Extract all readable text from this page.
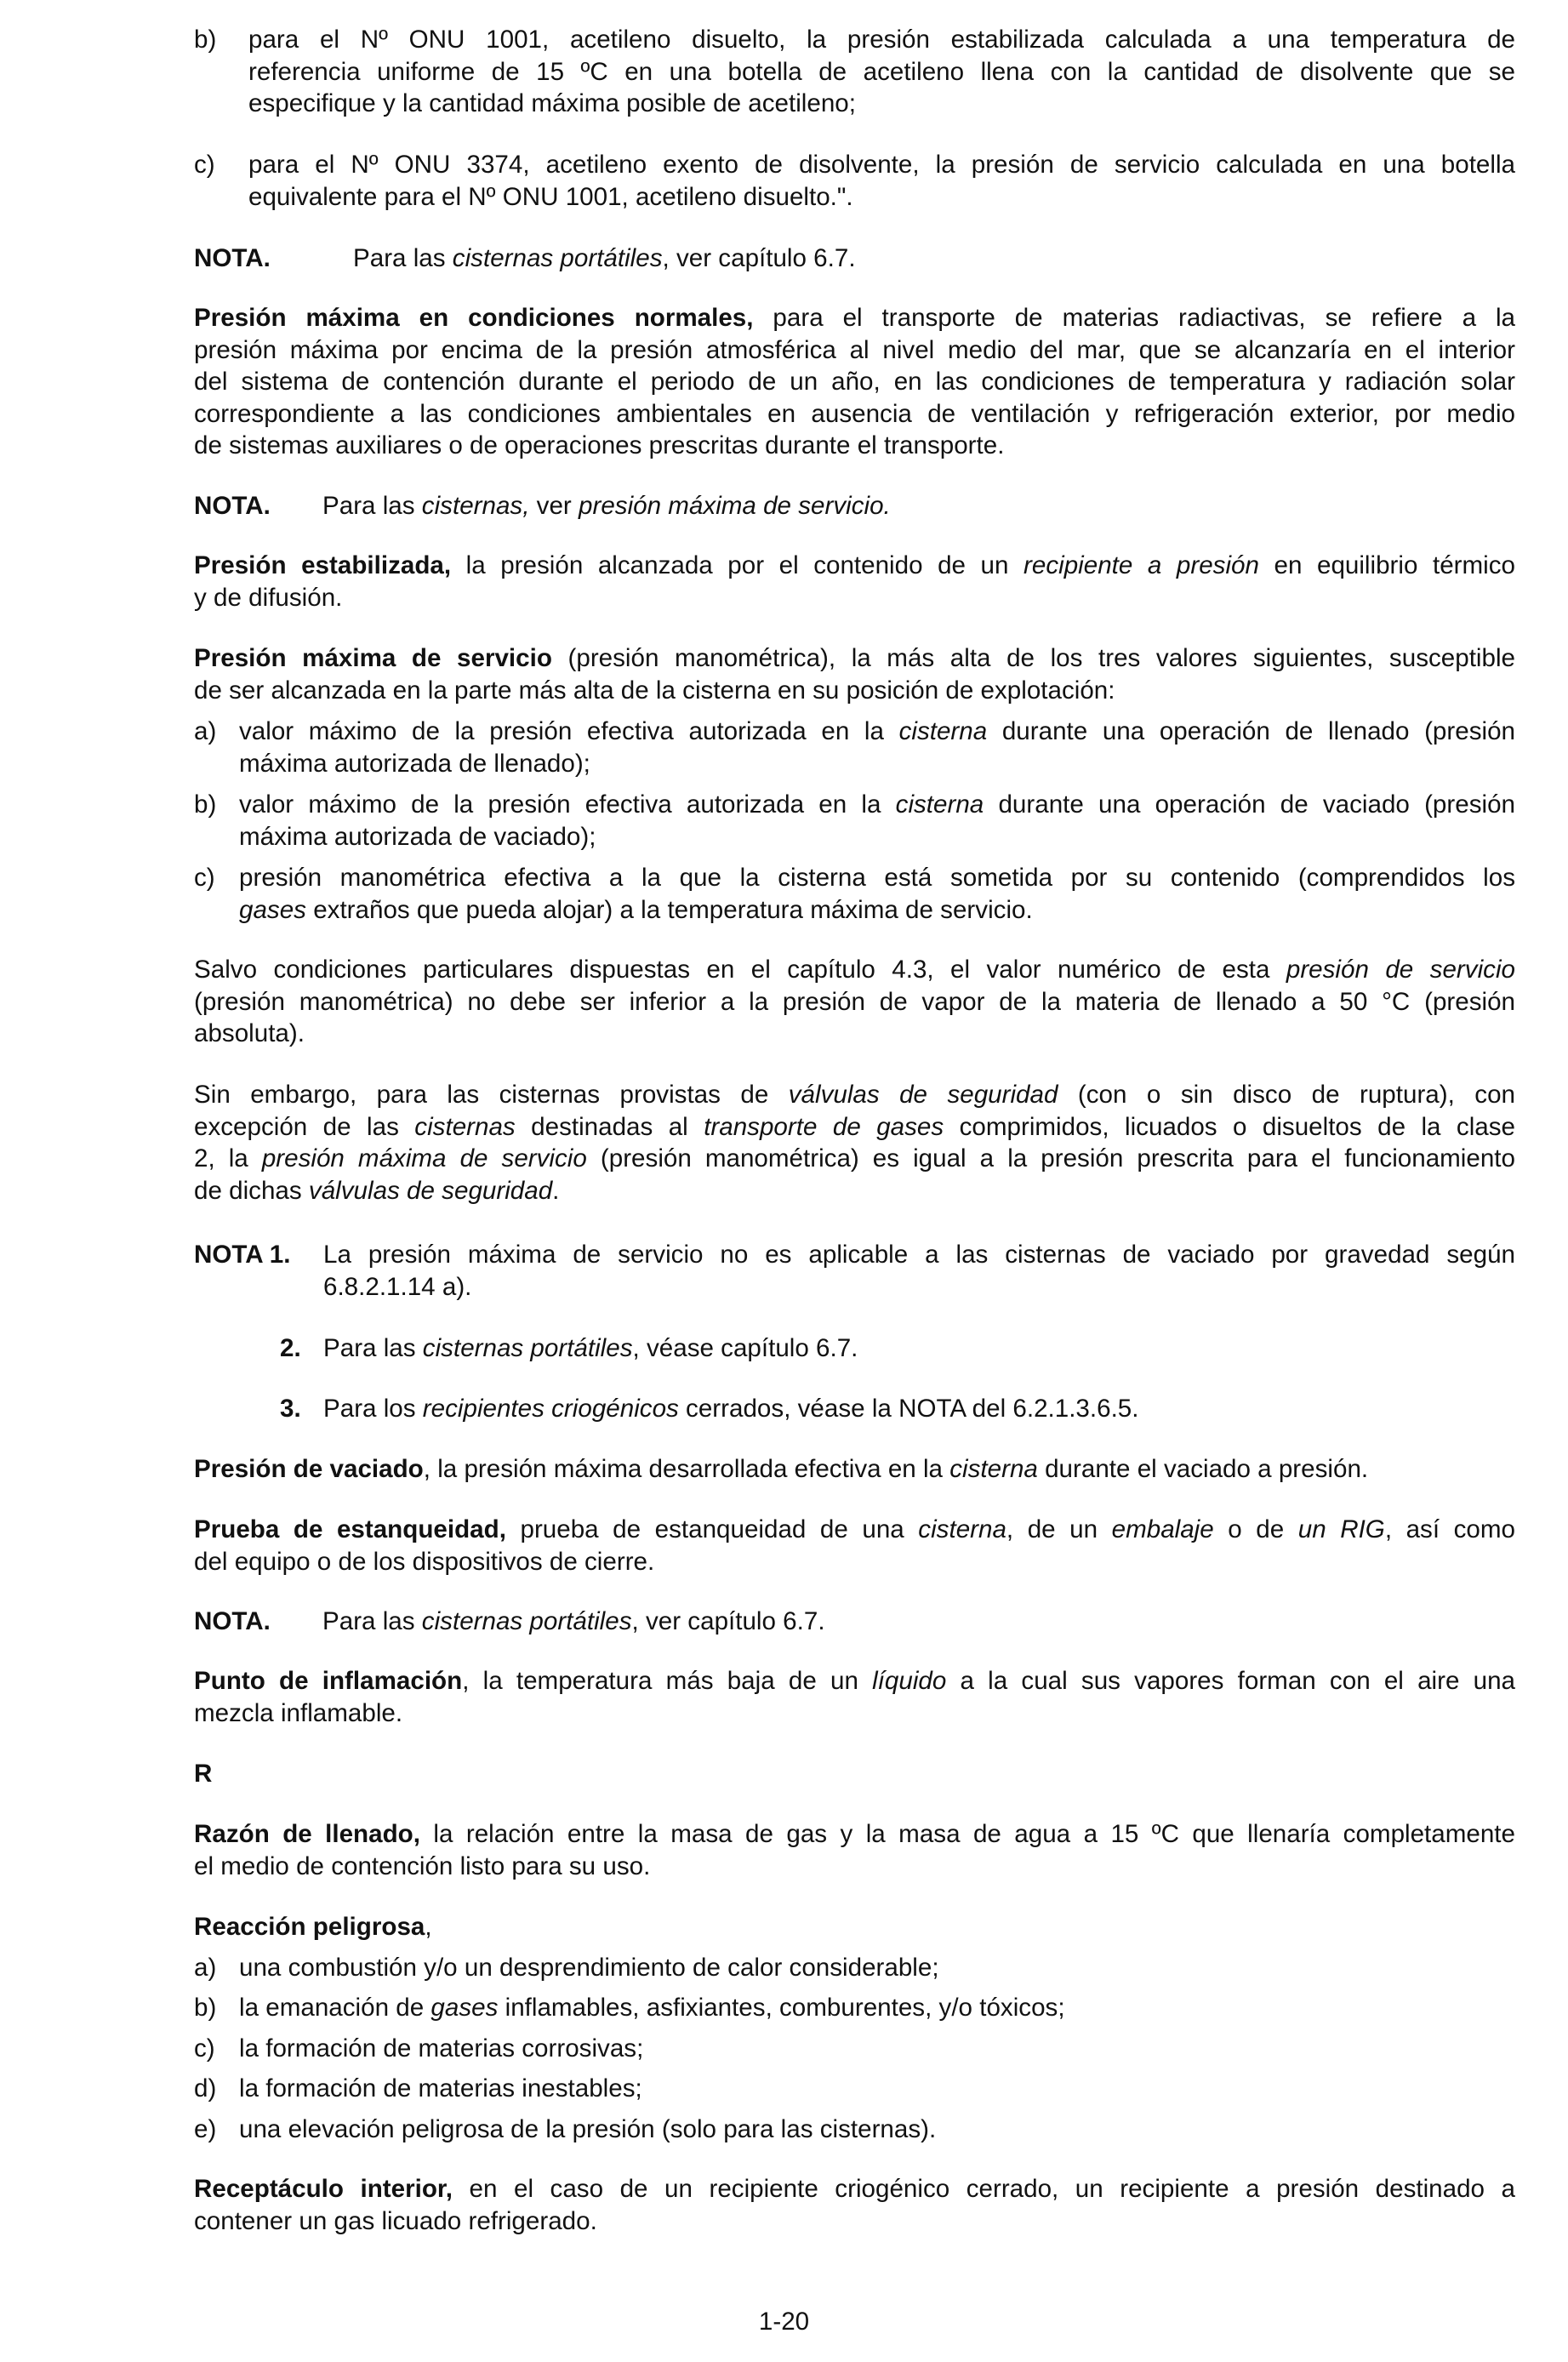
b) para el Nº ONU 1001, acetileno disuelto, la presión estabilizada calculada a una temperatura de
referencia uniforme de 15 ºC en una botella de acetileno llena con la cantidad de disolvente que se
especifique y la cantidad máxima posible de acetileno;
c) para el Nº ONU 3374, acetileno exento de disolvente, la presión de servicio calculada en una botella
equivalente para el Nº ONU 1001, acetileno disuelto.".
NOTA.	Para las cisternas portátiles, ver capítulo 6.7.
Presión máxima en condiciones normales, para el transporte de materias radiactivas, se refiere a la
presión máxima por encima de la presión atmosférica al nivel medio del mar, que se alcanzaría en el interior
del sistema de contención durante el periodo de un año, en las condiciones de temperatura y radiación solar
correspondiente a las condiciones ambientales en ausencia de ventilación y refrigeración exterior, por medio
de sistemas auxiliares o de operaciones prescritas durante el transporte.
NOTA. Para las cisternas, ver presión máxima de servicio.
Presión estabilizada, la presión alcanzada por el contenido de un recipiente a presión en equilibrio térmico
y de difusión.
Presión máxima de servicio (presión manométrica), la más alta de los tres valores siguientes, susceptible
de ser alcanzada en la parte más alta de la cisterna en su posición de explotación:
a) valor máximo de la presión efectiva autorizada en la cisterna durante una operación de llenado (presión
máxima autorizada de llenado);
b) valor máximo de la presión efectiva autorizada en la cisterna durante una operación de vaciado (presión
máxima autorizada de vaciado);
c) presión manométrica efectiva a la que la cisterna está sometida por su contenido (comprendidos los
gases extraños que pueda alojar) a la temperatura máxima de servicio.
Salvo condiciones particulares dispuestas en el capítulo 4.3, el valor numérico de esta presión de servicio
(presión manométrica) no debe ser inferior a la presión de vapor de la materia de llenado a 50 °C (presión
absoluta).
Sin embargo, para las cisternas provistas de válvulas de seguridad (con o sin disco de ruptura), con
excepción de las cisternas destinadas al transporte de gases comprimidos, licuados o disueltos de la clase
2, la presión máxima de servicio (presión manométrica) es igual a la presión prescrita para el funcionamiento
de dichas válvulas de seguridad.
NOTA 1. La presión máxima de servicio no es aplicable a las cisternas de vaciado por gravedad según
6.8.2.1.14 a).
2. Para las cisternas portátiles, véase capítulo 6.7.
3. Para los recipientes criogénicos cerrados, véase la NOTA del 6.2.1.3.6.5.
Presión de vaciado, la presión máxima desarrollada efectiva en la cisterna durante el vaciado a presión.
Prueba de estanqueidad, prueba de estanqueidad de una cisterna, de un embalaje o de un RIG, así como
del equipo o de los dispositivos de cierre.
NOTA. Para las cisternas portátiles, ver capítulo 6.7.
Punto de inflamación, la temperatura más baja de un líquido a la cual sus vapores forman con el aire una
mezcla inflamable.
R
Razón de llenado, la relación entre la masa de gas y la masa de agua a 15 ºC que llenaría completamente
el medio de contención listo para su uso.
Reacción peligrosa,
a) una combustión y/o un desprendimiento de calor considerable;
b) la emanación de gases inflamables, asfixiantes, comburentes, y/o tóxicos;
c) la formación de materias corrosivas;
d) la formación de materias inestables;
e) una elevación peligrosa de la presión (solo para las cisternas).
Receptáculo interior, en el caso de un recipiente criogénico cerrado, un recipiente a presión destinado a
contener un gas licuado refrigerado.
1-20
